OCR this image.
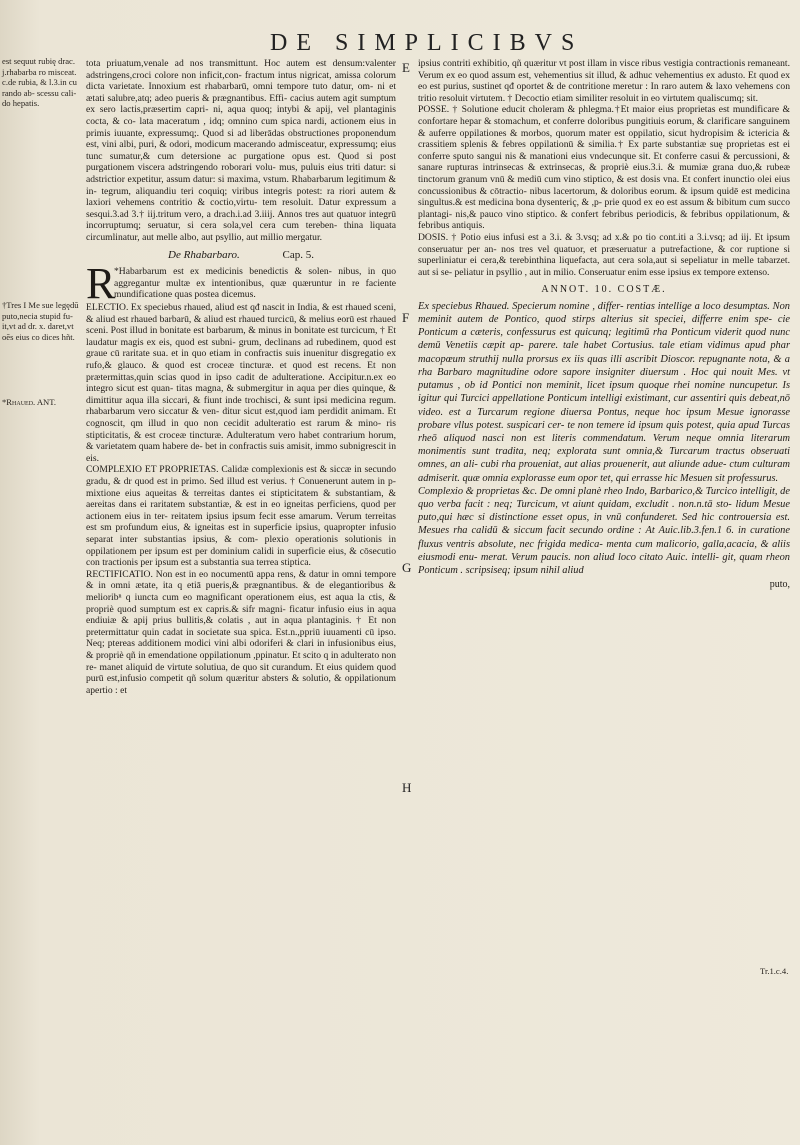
DE SIMPLICIBVS

est sequut rubię drac. j.rhabarba ro misceat. c.de rubia, & l.3.in cu rando ab- scessu cali- do hepatis.

†Tres I Me sue legędū puto,necia stupid fu- it,vt ad dr. x. daret,vt oēs eius co dices hñt.

*Rhaued. ANT.

E
F
G
H

tota priuatum,venale ad nos transmittunt. Hoc autem est densum:valenter adstringens,croci colore non inficit,con- fractum intus nigricat, amissa colorum dicta varietate. Innoxium est rhabarbarū, omni tempore tuto datur, om- ni et ætati salubre,atq; adeo pueris & prægnantibus. Effi- cacius autem agit sumptum ex sero lactis,præsertim capri- ni, aqua quoq; intybi & apij, vel plantaginis cocta, & co- lata maceratum , idq; omnino cum spica nardi, actionem eius in primis iuuante, expressumq;. Quod si ad liberādas obstructiones proponendum est, vini albi, puri, & odori, modicum macerando admisceatur, expressumq; eius tunc sumatur,& cum detersione ac purgatione opus est. Quod si post purgationem viscera adstringendo roborari volu- mus, puluis eius triti datur: si adstrictior expetitur, assum datur: si maxima, vstum. Rhabarbarum legitimum & in- tegrum, aliquandiu teri coquiq; viribus integris potest: ra riori autem & laxiori vehemens contritio & coctio,virtu- tem resoluit. Datur expressum a sesqui.3.ad 3.† iij.tritum vero, a drach.i.ad 3.iiij. Annos tres aut quatuor integrū incorruptumq; seruatur, si cera sola,vel cera cum tereben- thina liquata circumlinatur, aut melle albo, aut psyllio, aut millio mergatur.

De Rhabarbaro.	Cap. 5.
R

*Habarbarum est ex medicinis benedictis & solen- nibus, in quo aggregantur multæ ex intentionibus, quæ quæruntur in re faciente mundificatione quas postea dicemus.

ELECTIO. Ex speciebus rhaued, aliud est qđ nascit in India, & est rhaued sceni, & aliud est rhaued barbarū, & aliud est rhaued turcicū, & melius eorū est rhaued sceni. Post illud in bonitate est barbarum, & minus in bonitate est turcicum, † Et laudatur magis ex eis, quod est subni- grum, declinans ad rubedinem, quod est graue cū raritate sua. et in quo etiam in confractis suis inuenitur disgregatio ex rufo,& glauco. & quod est croceæ tincturæ. et quod est recens. Et non prætermittas,quin scias quod in ipso cadit de adulteratione. Accipitur.n.ex eo integro sicut est quan- titas magna, & submergitur in aqua per dies quinque, & dimittitur aqua illa siccari, & fiunt inde trochisci, & sunt ipsi medicina regum. rhabarbarum vero siccatur & ven- ditur sicut est,quod iam perdidit animam. Et cognoscit, qm illud in quo non cecidit adulteratio est rarum & mino- ris stipticitatis, & est croceæ tincturæ. Adulteratum vero habet contrarium horum, & varietatem quam habere de- bet in confractis suis amisit, immo subnigrescit in eis.

COMPLEXIO ET PROPRIETAS. Calidæ complexionis est & siccæ in secundo gradu, & dr quod est in primo. Sed illud est verius. † Conuenerunt autem in p- mixtione eius aqueitas & terreitas dantes ei stipticitatem & substantiam, & aereitas dans ei raritatem substantiæ, & est in eo igneitas perficiens, quod per actionem eius in ter- reitatem ipsius ipsum fecit esse amarum. Verum terreitas est sm profundum eius, & igneitas est in superficie ipsius, quapropter infusio separat inter substantias ipsius, & com- plexio operationis solutionis in oppilationem per ipsum est per dominium calidi in superficie eius, & cōsecutio con tractionis per ipsum est a substantia sua terrea stiptica.

RECTIFICATIO. Non est in eo nocumentū appa rens, & datur in omni tempore & in omni ætate, ita q etiā pueris,& prægnantibus. & de elegantioribus & melioribⁿ q iuncta cum eo magnificant operationem eius, est aqua la ctis, & propriè quod sumptum est ex capris.& sifr magni- ficatur infusio eius in aqua endiuiæ & apij prius bullitis,& colatis , aut in aqua plantaginis. † Et non pretermittatur quin cadat in societate sua spica. Est.n.,ppriū iuuamenti cū ipso. Neq; ptereas additionem modici vini albi odoriferi & clari in infusionibus eius, & propriè qñ in emendatione oppilationum ,ppinatur. Et scito q in adulterato non re- manet aliquid de virtute solutiua, de quo sit curandum. Et eius quidem quod purū est,infusio competit qñ solum quæritur absters & solutio, & oppilationum apertio : et

ipsius contriti exhibitio, qñ quæritur vt post illam in visce ribus vestigia contractionis remaneant. Verum ex eo quod assum est, vehementius sit illud, & adhuc vehementius ex adusto. Et quod ex eo est purius, sustinet qđ oportet & de contritione meretur : In raro autem & laxo vehemens con tritio resoluit virtutem. † Decoctio etiam similiter resoluit in eo virtutem qualiscumq; sit.

POSSE. † Solutione educit choleram & phlegma.†Et maior eius proprietas est mundificare & confortare hepar & stomachum, et conferre doloribus pungitiuis eorum, & clarificare sanguinem & auferre oppilationes & morbos, quorum mater est oppilatio, sicut hydropisim & ictericia & crassitiem splenis & febres oppilationū & similia.† Ex parte substantiæ suę proprietas est ei conferre sputo sangui nis & manationi eius vndecunque sit. Et conferre casui & percussioni, & sanare rupturas intrinsecas & extrinsecas, & propriè eius.3.i. & mumiæ grana duo,& rubeæ tinctorum granum vnū & mediū cum vino stiptico, & est dosis vna. Et confert inunctio olei eius concussionibus & cōtractio- nibus lacertorum, & doloribus eorum. & ipsum quidē est medicina singultus.& est medicina bona dysenteriç, & ,p- prie quod ex eo est assum & bibitum cum succo plantagi- nis,& pauco vino stiptico. & confert febribus periodicis, & febribus oppilationum, & febribus antiquis.

DOSIS. † Potio eius infusi est a 3.i. & 3.vsq; ad x.& po tio cont.iti a 3.i.vsq; ad iij. Et ipsum conseruatur per an- nos tres vel quatuor, et præseruatur a putrefactione, & cor ruptione si superliniatur ei cera,& terebinthina liquefacta, aut cera sola,aut si sepeliatur in melle tabarzet. aut si se- peliatur in psyllio , aut in milio. Conseruatur enim esse ipsius ex tempore extenso.

ANNOT. 10. COSTÆ.

Ex speciebus Rhaued. Specierum nomine , differ- rentias intellige a loco desumptas. Non meminit autem de Pontico, quod stirps alterius sit speciei, differre enim spe- cie Ponticum a cæteris, confessurus est quicunq; legitimū rha Ponticum viderit quod nunc demū Venetiis cæpit ap- parere. tale habet Cortusius. tale etiam vidimus apud phar macopœum struthij nulla prorsus ex iis quas illi ascribit Dioscor. repugnante nota, & a rha Barbaro magnitudine odore sapore insigniter diuersum . Hoc qui nouit Mes. vt putamus , ob id Pontici non meminit, licet ipsum quoque rhei nomine nuncupetur. Is igitur qui Turcici appellatione Ponticum intelligi existimant, cur assentiri quis debeat,nō video. est a Turcarum regione diuersa Pontus, neque hoc ipsum Mesue ignorasse probare vllus potest. suspicari cer- te non temere id ipsum quis potest, quia apud Turcas rheō aliquod nasci non est literis commendatum. Verum neque omnia literarum monimentis sunt tradita, neq; explorata sunt omnia,& Turcarum tractus obseruati omnes, an ali- cubi rha proueniat, aut alias prouenerit, aut aliunde adue- ctum culturam admiserit. quæ omnia explorasse eum opor tet, qui errasse hic Mesuen sit professurus.

Complexio & proprietas &c. De omni planè rheo Indo, Barbarico,& Turcico intelligit, de quo verba facit : neq; Turcicum, vt aiunt quidam, excludit . non.n.tā sto- lidum Mesue puto,qui hæc si distinctione esset opus, in vnū confunderet. Sed hic controuersia est. Mesues rha calidū & siccum facit secundo ordine : At Auic.lib.3.fen.1 6. in curatione fluxus ventris absolute, nec frigida medica- menta cum malicorio, galla,acacia, & aliis eiusmodi enu- merat. Verum paucis. non aliud loco citato Auic. intelli- git, quam rheon Ponticum . scripsiseq; ipsum nihil aliud

puto,
Tr.1.c.4.
